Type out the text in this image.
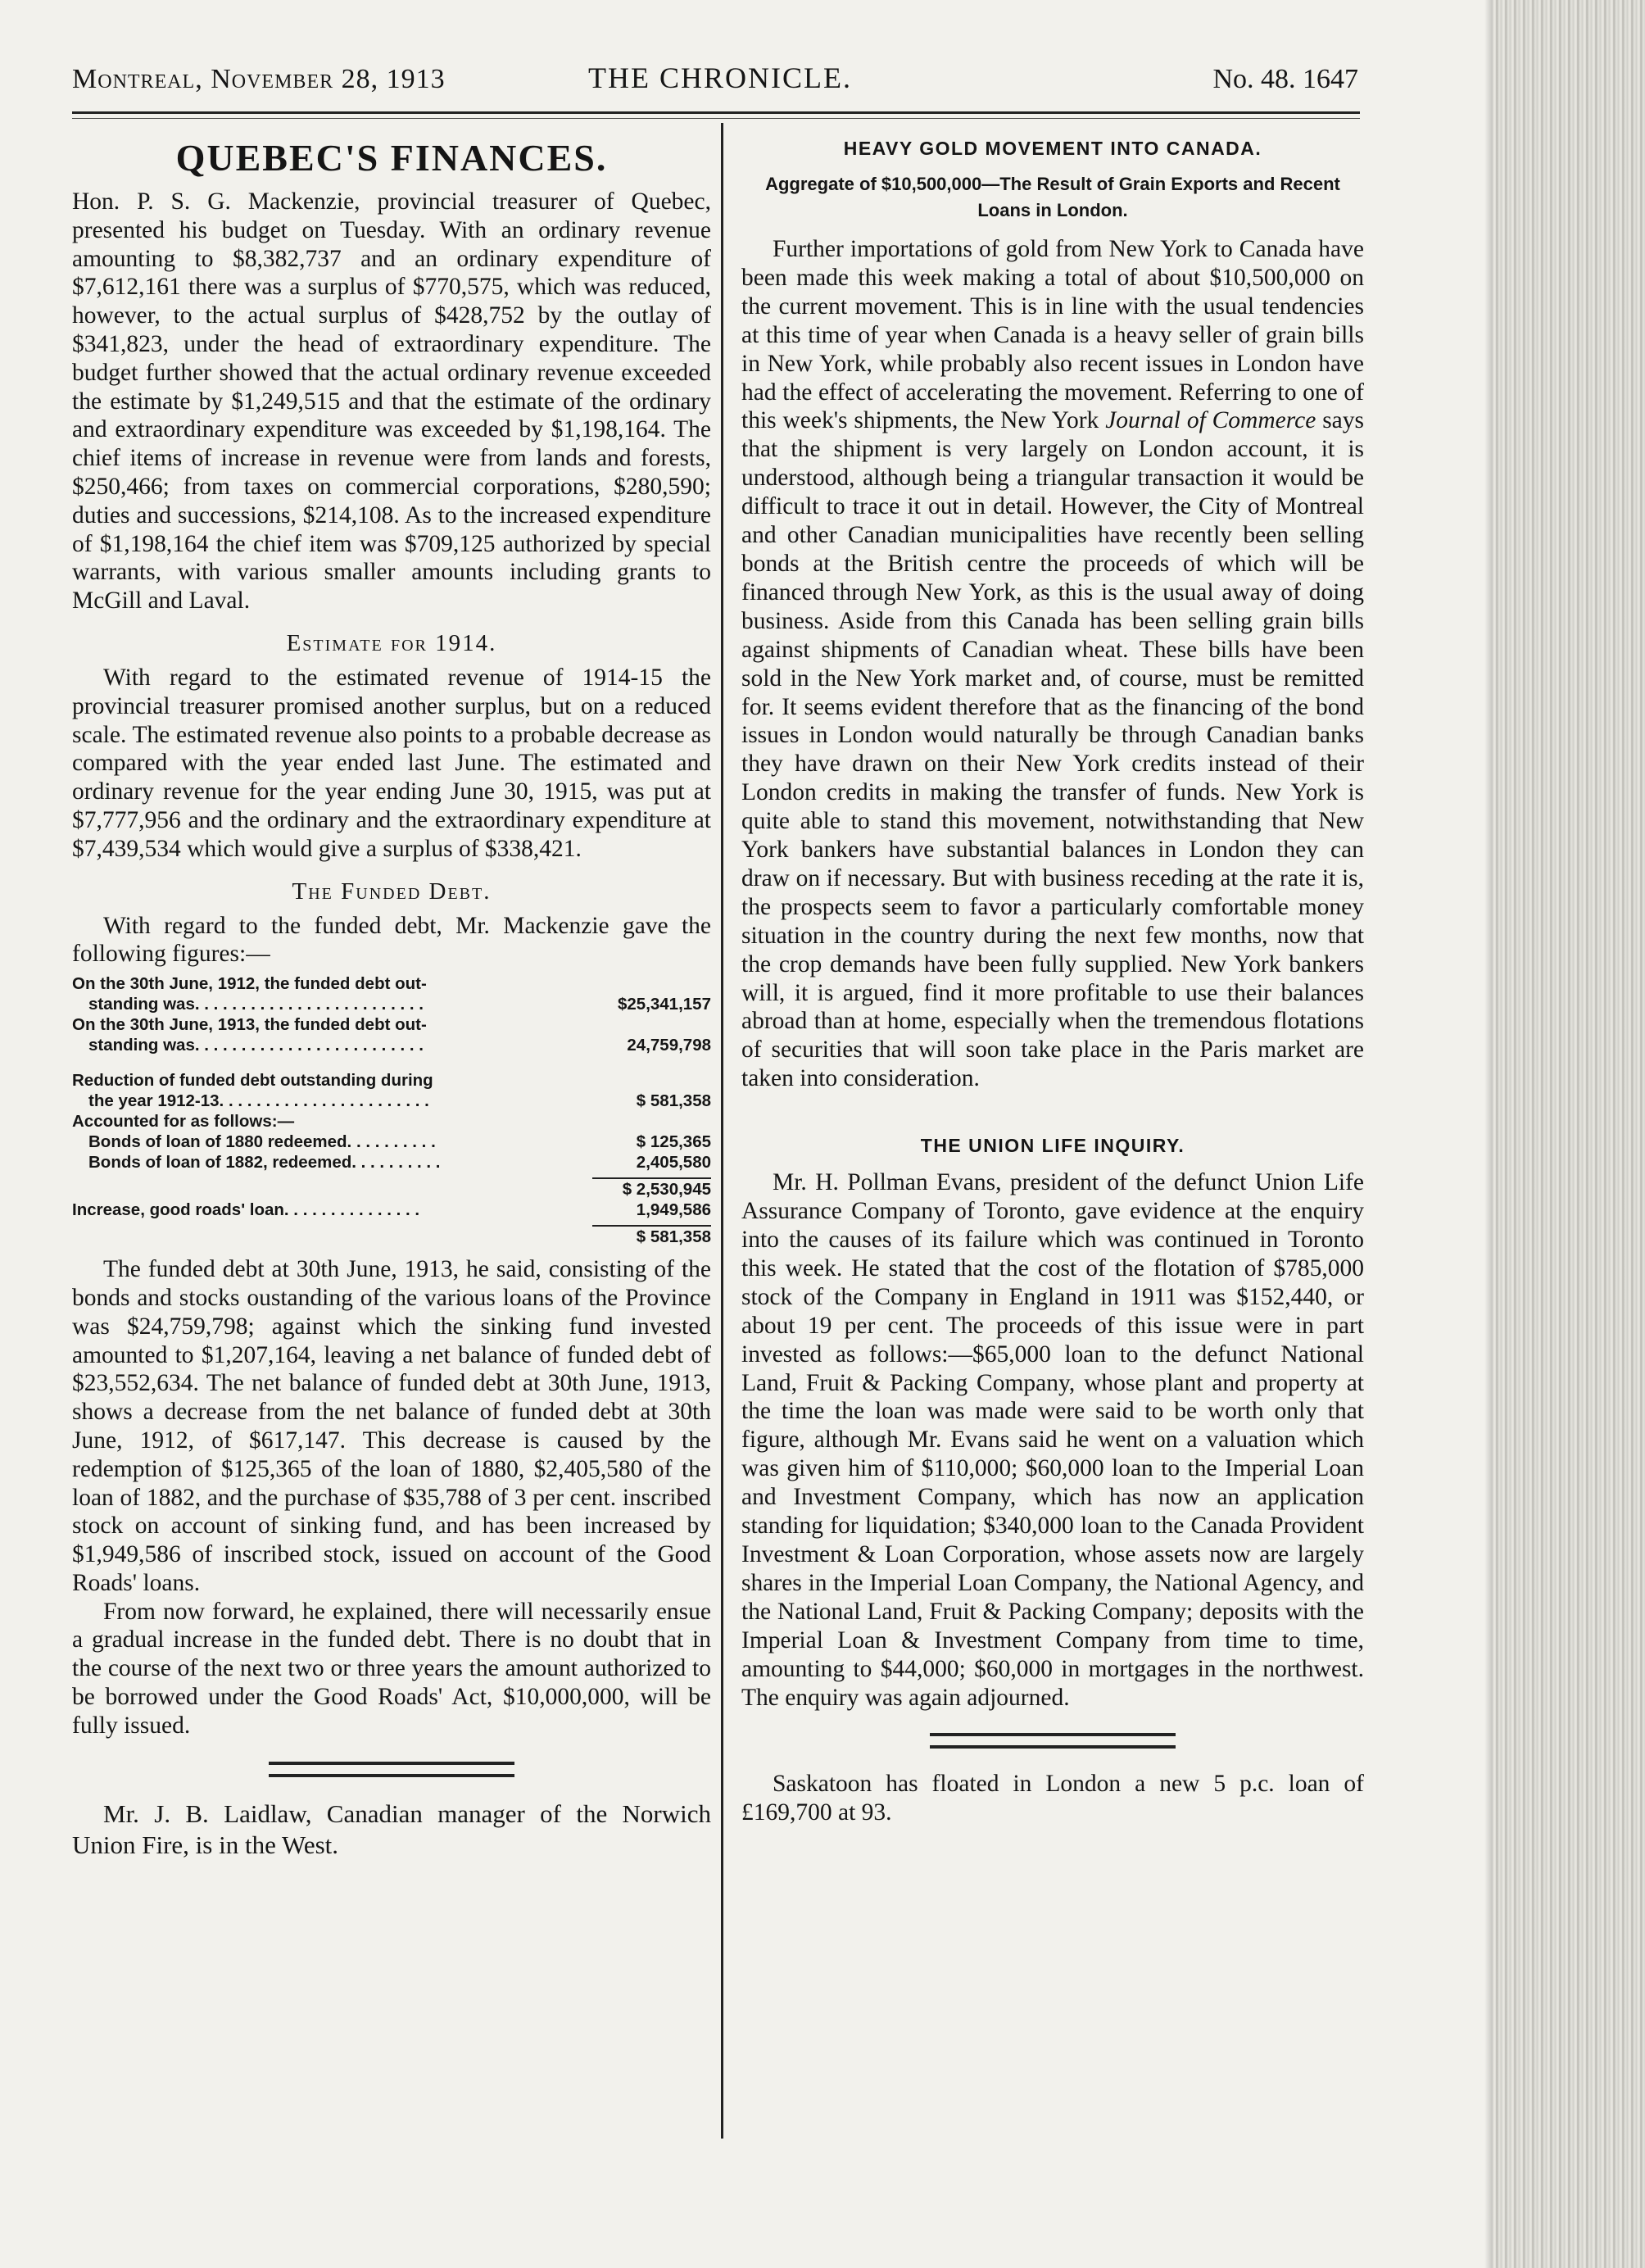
Montreal, November 28, 1913	THE CHRONICLE.	No. 48. 1647
QUEBEC'S FINANCES.

Hon. P. S. G. Mackenzie, provincial treasurer of Quebec, presented his budget on Tuesday. With an ordinary revenue amounting to $8,382,737 and an ordinary expenditure of $7,612,161 there was a surplus of $770,575, which was reduced, however, to the actual surplus of $428,752 by the outlay of $341,823, under the head of extraordinary expenditure. The budget further showed that the actual ordinary revenue exceeded the estimate by $1,249,515 and that the estimate of the ordinary and extraordinary expenditure was exceeded by $1,198,164. The chief items of increase in revenue were from lands and forests, $250,466; from taxes on commercial corporations, $280,590; duties and successions, $214,108. As to the increased expenditure of $1,198,164 the chief item was $709,125 authorized by special warrants, with various smaller amounts including grants to McGill and Laval.

Estimate for 1914.

With regard to the estimated revenue of 1914-15 the provincial treasurer promised another surplus, but on a reduced scale. The estimated revenue also points to a probable decrease as compared with the year ended last June. The estimated and ordinary revenue for the year ending June 30, 1915, was put at $7,777,956 and the ordinary and the extraordinary expenditure at $7,439,534 which would give a surplus of $338,421.

The Funded Debt.

With regard to the funded debt, Mr. Mackenzie gave the following figures:—

On the 30th June, 1912, the funded debt out-
standing was. . . . . . . . . . . . . . . . . . . . . . . . .	$25,341,157
On the 30th June, 1913, the funded debt out-
standing was. . . . . . . . . . . . . . . . . . . . . . . . .	24,759,798
Reduction of funded debt outstanding during
the year 1912-13. . . . . . . . . . . . . . . . . . . . . . .	$ 581,358
Accounted for as follows:—
Bonds of loan of 1880 redeemed. . . . . . . . . .	$ 125,365
Bonds of loan of 1882, redeemed. . . . . . . . . .	2,405,580
$ 2,530,945
Increase, good roads' loan. . . . . . . . . . . . . . .	1,949,586
$ 581,358

The funded debt at 30th June, 1913, he said, consisting of the bonds and stocks oustanding of the various loans of the Province was $24,759,798; against which the sinking fund invested amounted to $1,207,164, leaving a net balance of funded debt of $23,552,634. The net balance of funded debt at 30th June, 1913, shows a decrease from the net balance of funded debt at 30th June, 1912, of $617,147. This decrease is caused by the redemption of $125,365 of the loan of 1880, $2,405,580 of the loan of 1882, and the purchase of $35,788 of 3 per cent. inscribed stock on account of sinking fund, and has been increased by $1,949,586 of inscribed stock, issued on account of the Good Roads' loans.

From now forward, he explained, there will necessarily ensue a gradual increase in the funded debt. There is no doubt that in the course of the next two or three years the amount authorized to be borrowed under the Good Roads' Act, $10,000,000, will be fully issued.

Mr. J. B. Laidlaw, Canadian manager of the Norwich Union Fire, is in the West.

HEAVY GOLD MOVEMENT INTO CANADA.
Aggregate of $10,500,000—The Result of Grain Exports and Recent Loans in London.

Further importations of gold from New York to Canada have been made this week making a total of about $10,500,000 on the current movement. This is in line with the usual tendencies at this time of year when Canada is a heavy seller of grain bills in New York, while probably also recent issues in London have had the effect of accelerating the movement. Referring to one of this week's shipments, the New York Journal of Commerce says that the shipment is very largely on London account, it is understood, although being a triangular transaction it would be difficult to trace it out in detail. However, the City of Montreal and other Canadian municipalities have recently been selling bonds at the British centre the proceeds of which will be financed through New York, as this is the usual away of doing business. Aside from this Canada has been selling grain bills against shipments of Canadian wheat. These bills have been sold in the New York market and, of course, must be remitted for. It seems evident therefore that as the financing of the bond issues in London would naturally be through Canadian banks they have drawn on their New York credits instead of their London credits in making the transfer of funds. New York is quite able to stand this movement, notwithstanding that New York bankers have substantial balances in London they can draw on if necessary. But with business receding at the rate it is, the prospects seem to favor a particularly comfortable money situation in the country during the next few months, now that the crop demands have been fully supplied. New York bankers will, it is argued, find it more profitable to use their balances abroad than at home, especially when the tremendous flotations of securities that will soon take place in the Paris market are taken into consideration.

THE UNION LIFE INQUIRY.

Mr. H. Pollman Evans, president of the defunct Union Life Assurance Company of Toronto, gave evidence at the enquiry into the causes of its failure which was continued in Toronto this week. He stated that the cost of the flotation of $785,000 stock of the Company in England in 1911 was $152,440, or about 19 per cent. The proceeds of this issue were in part invested as follows:—$65,000 loan to the defunct National Land, Fruit & Packing Company, whose plant and property at the time the loan was made were said to be worth only that figure, although Mr. Evans said he went on a valuation which was given him of $110,000; $60,000 loan to the Imperial Loan and Investment Company, which has now an application standing for liquidation; $340,000 loan to the Canada Provident Investment & Loan Corporation, whose assets now are largely shares in the Imperial Loan Company, the National Agency, and the National Land, Fruit & Packing Company; deposits with the Imperial Loan & Investment Company from time to time, amounting to $44,000; $60,000 in mortgages in the northwest. The enquiry was again adjourned.

Saskatoon has floated in London a new 5 p.c. loan of £169,700 at 93.
